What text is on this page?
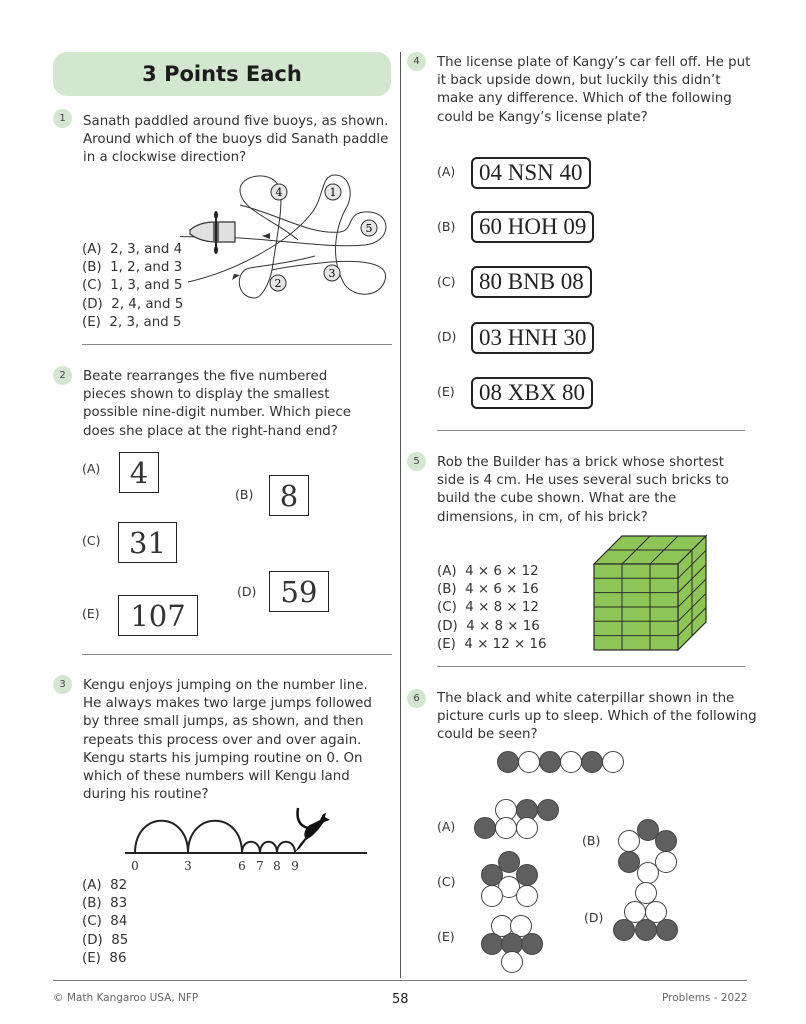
3 Points Each
1	Sanath paddled around five buoys, as shown. Around which of the buoys did Sanath paddle in a clockwise direction?
4	1
5
3
2
(A)  2, 3, and 4
(B)  1, 2, and 3
(C)  1, 3, and 5
(D)  2, 4, and 5
(E)  2, 3, and 5
2	Beate rearranges the five numbered pieces shown to display the smallest possible nine-digit number. Which piece does she place at the right-hand end?
(A)	4
(B) 8
(C) 31
(D) 59
(E)	107
3	Kengu enjoys jumping on the number line. He always makes two large jumps followed by three small jumps, as shown, and then repeats this process over and over again. Kengu starts his jumping routine on 0. On which of these numbers will Kengu land during his routine?
0	3	6 7 8 9
(A)  82
(B)  83
(C)  84
(D)  85
(E)  86
4	The license plate of Kangy’s car fell off. He put it back upside down, but luckily this didn’t make any difference. Which of the following could be Kangy’s license plate?
(A)	04 NSN 40
(B)	60 HOH 09
(C)	80 BNB 08
(D) 03 HNH 30
(E)	08 XBX 80
5	Rob the Builder has a brick whose shortest side is 4 cm. He uses several such bricks to build the cube shown. What are the dimensions, in cm, of his brick?
(A)  4 × 6 × 12
(B)  4 × 6 × 16
(C)  4 × 8 × 12
(D)  4 × 8 × 16
(E)  4 × 12 × 16
6	The black and white caterpillar shown in the picture curls up to sleep. Which of the following could be seen?
(A)
(B)
(C)
(D)
(E)
© Math Kangaroo USA, NFP	58	Problems - 2022
